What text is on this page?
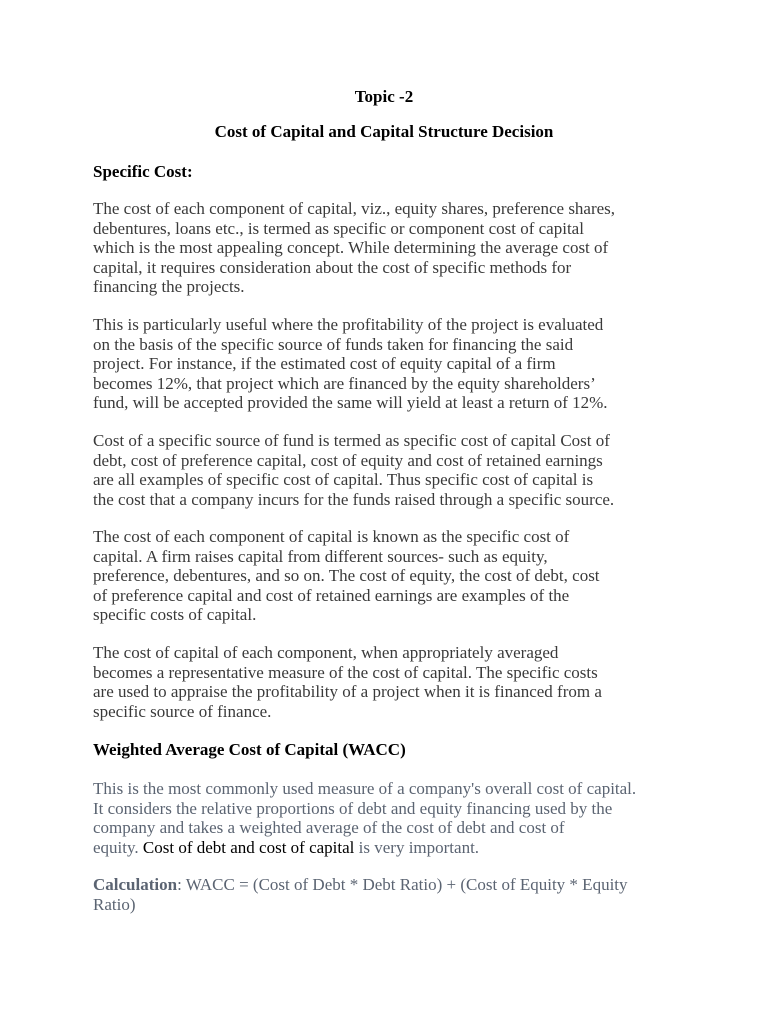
Topic -2
Cost of Capital and Capital Structure Decision
Specific Cost:
The cost of each component of capital, viz., equity shares, preference shares,
debentures, loans etc., is termed as specific or component cost of capital
which is the most appealing concept. While determining the average cost of
capital, it requires consideration about the cost of specific methods for
financing the projects.
This is particularly useful where the profitability of the project is evaluated
on the basis of the specific source of funds taken for financing the said
project. For instance, if the estimated cost of equity capital of a firm
becomes 12%, that project which are financed by the equity shareholders’
fund, will be accepted provided the same will yield at least a return of 12%.
Cost of a specific source of fund is termed as specific cost of capital Cost of
debt, cost of preference capital, cost of equity and cost of retained earnings
are all examples of specific cost of capital. Thus specific cost of capital is
the cost that a company incurs for the funds raised through a specific source.
The cost of each component of capital is known as the specific cost of
capital. A firm raises capital from different sources- such as equity,
preference, debentures, and so on. The cost of equity, the cost of debt, cost
of preference capital and cost of retained earnings are examples of the
specific costs of capital.
The cost of capital of each component, when appropriately averaged
becomes a representative measure of the cost of capital. The specific costs
are used to appraise the profitability of a project when it is financed from a
specific source of finance.
Weighted Average Cost of Capital (WACC)
This is the most commonly used measure of a company's overall cost of capital.
It considers the relative proportions of debt and equity financing used by the
company and takes a weighted average of the cost of debt and cost of
equity. Cost of debt and cost of capital is very important.
Calculation: WACC = (Cost of Debt * Debt Ratio) + (Cost of Equity * Equity
Ratio)
